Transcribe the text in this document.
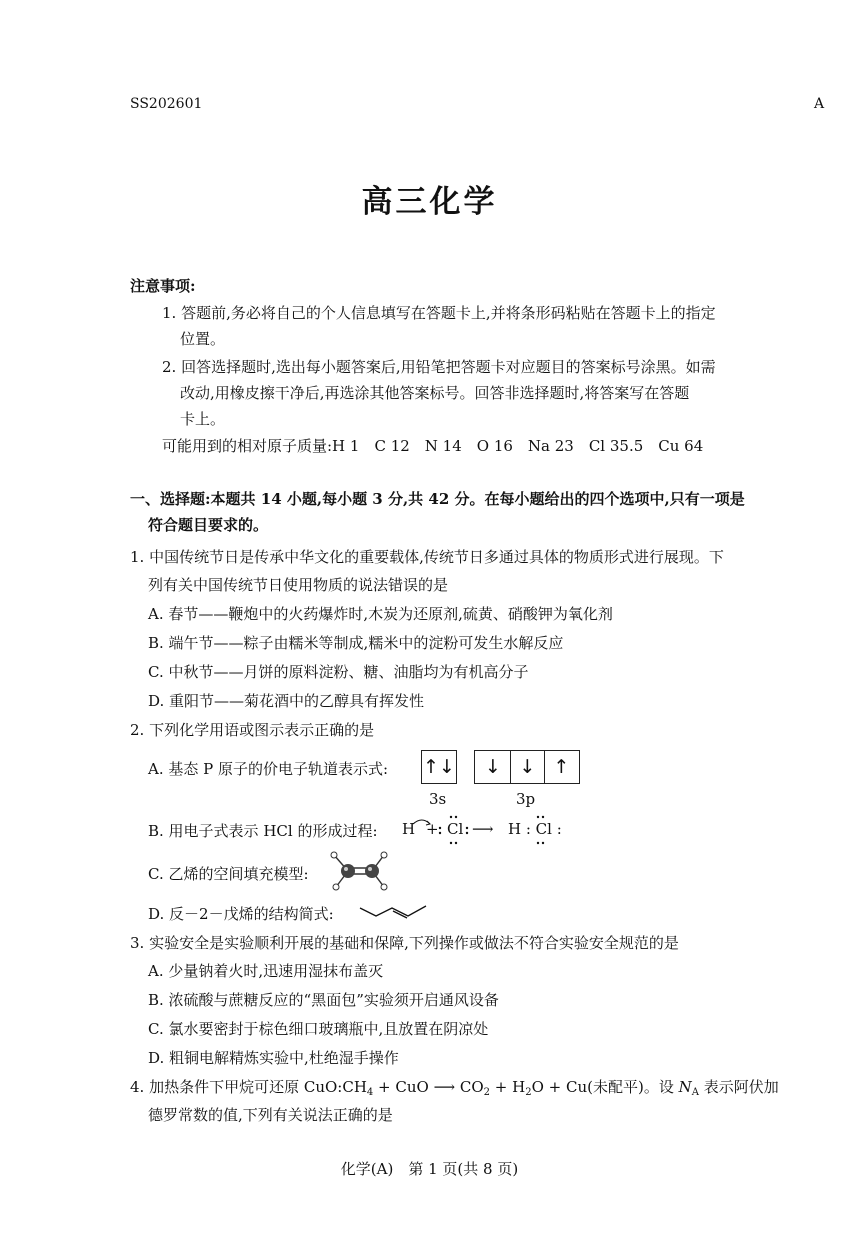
SS202601	A
高三化学
注意事项:
1. 答题前,务必将自己的个人信息填写在答题卡上,并将条形码粘贴在答题卡上的指定
位置。
2. 回答选择题时,选出每小题答案后,用铅笔把答题卡对应题目的答案标号涂黑。如需
改动,用橡皮擦干净后,再选涂其他答案标号。回答非选择题时,将答案写在答题
卡上。
可能用到的相对原子质量:H 1　C 12　N 14　O 16　Na 23　Cl 35.5　Cu 64
一、选择题:本题共 14 小题,每小题 3 分,共 42 分。在每小题给出的四个选项中,只有一项是
符合题目要求的。
1. 中国传统节日是传承中华文化的重要载体,传统节日多通过具体的物质形式进行展现。下
列有关中国传统节日使用物质的说法错误的是
A. 春节——鞭炮中的火药爆炸时,木炭为还原剂,硫黄、硝酸钾为氧化剂
B. 端午节——粽子由糯米等制成,糯米中的淀粉可发生水解反应
C. 中秋节——月饼的原料淀粉、糖、油脂均为有机高分子
D. 重阳节——菊花酒中的乙醇具有挥发性
2. 下列化学用语或图示表示正确的是
A. 基态 P 原子的价电子轨道表示式: ↑↓	↓ ↓ ↑
3s	3p
B. 用电子式表示 HCl 的形成过程: H + Cl ⟶ H : Cl :
C. 乙烯的空间填充模型:
D. 反－2－戊烯的结构简式:
3. 实验安全是实验顺利开展的基础和保障,下列操作或做法不符合实验安全规范的是
A. 少量钠着火时,迅速用湿抹布盖灭
B. 浓硫酸与蔗糖反应的“黑面包”实验须开启通风设备
C. 氯水要密封于棕色细口玻璃瓶中,且放置在阴凉处
D. 粗铜电解精炼实验中,杜绝湿手操作
4. 加热条件下甲烷可还原 $CuO:CH_4$ + CuO ⟶ $CO_2 + H_2O + Cu$(未配平)。设 $N_A$ 表示阿伏加
德罗常数的值,下列有关说法正确的是
化学(A)　第 1 页(共 8 页)
